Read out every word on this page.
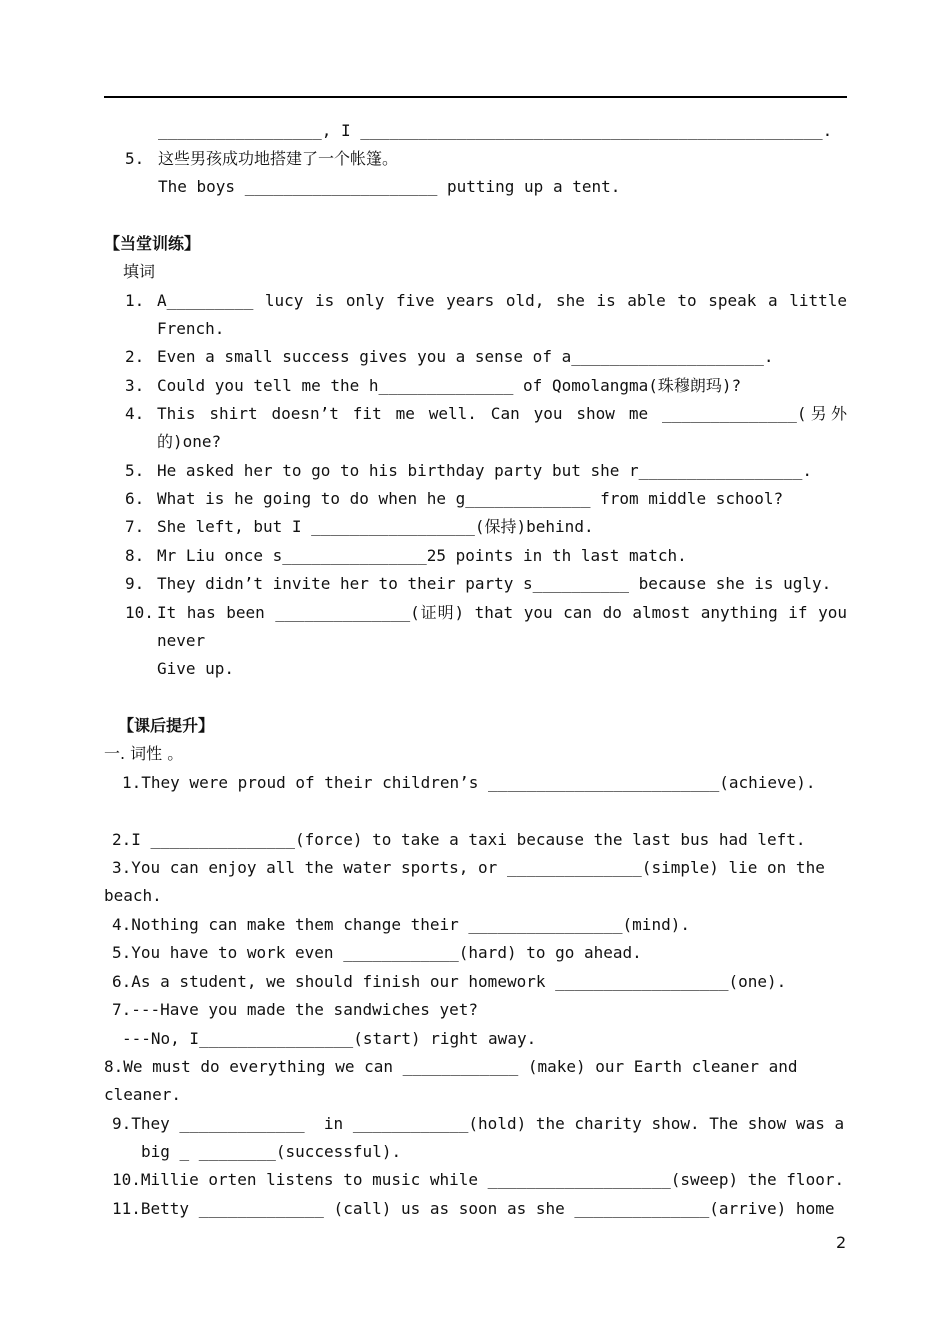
_________________, I ________________________________________________.
5. 这些男孩成功地搭建了一个帐篷。
The boys ____________________ putting up a tent.
【当堂训练】
填词
1. A_________ lucy is only five years old, she is able to speak a little
French.
2. Even a small success gives you a sense of a____________________.
3. Could you tell me the h______________ of Qomolangma(珠穆朗玛)?
4. This shirt doesn’t fit me well. Can you show me ______________(另外
的)one?
5. He asked her to go to his birthday party but she r_________________.
6. What is he going to do when he g_____________ from middle school?
7. She left, but I _________________(保持)behind.
8. Mr Liu once s_______________25 points in th last match.
9. They didn’t invite her to their party s__________ because she is ugly.
10. It has been ______________(证明) that you can do almost anything if you
never
Give up.
【课后提升】
一. 词性 。
1.They were proud of their children’s ________________________(achieve).
2.I _______________(force) to take a taxi because the last bus had left.
3.You can enjoy all the water sports, or ______________(simple) lie on the
beach.
4.Nothing can make them change their ________________(mind).
5.You have to work even ____________(hard) to go ahead.
6.As a student, we should finish our homework __________________(one).
7.---Have you made the sandwiches yet?
---No, I________________(start) right away.
8.We must do everything we can ____________ (make) our Earth cleaner and
cleaner.
9.They _____________  in ____________(hold) the charity show. The show was a
big _ ________(successful).
10.Millie orten listens to music while ___________________(sweep) the floor.
11.Betty _____________ (call) us as soon as she ______________(arrive) home
2
